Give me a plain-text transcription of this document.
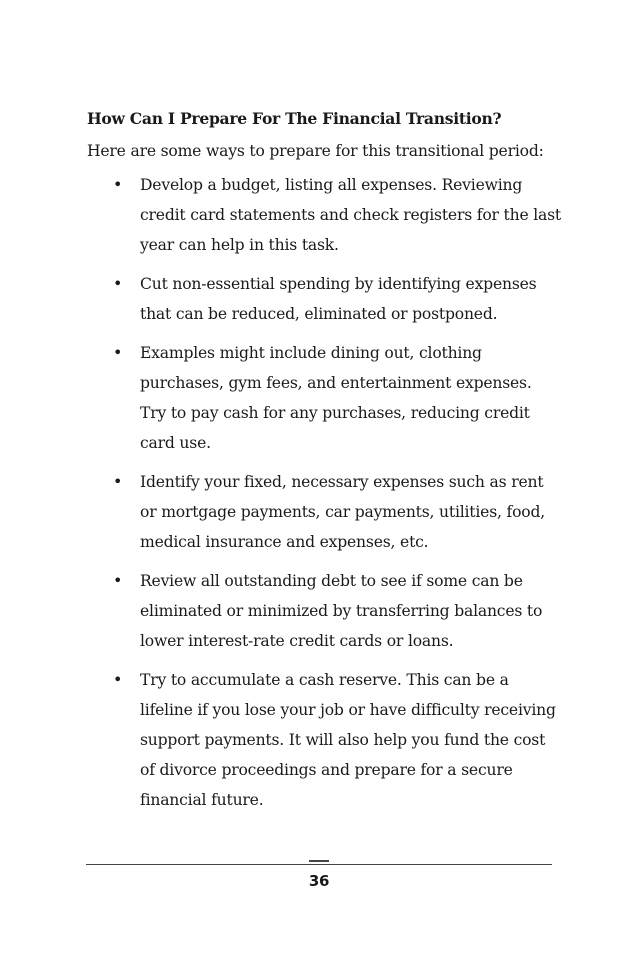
How Can I Prepare For The Financial Transition?
Here are some ways to prepare for this transitional period:
• Develop a budget, listing all expenses. Reviewing
credit card statements and check registers for the last
year can help in this task.
• Cut non-essential spending by identifying expenses
that can be reduced, eliminated or postponed.
• Examples might include dining out, clothing
purchases, gym fees, and entertainment expenses.
Try to pay cash for any purchases, reducing credit
card use.
• Identify your fixed, necessary expenses such as rent
or mortgage payments, car payments, utilities, food,
medical insurance and expenses, etc.
• Review all outstanding debt to see if some can be
eliminated or minimized by transferring balances to
lower interest-rate credit cards or loans.
• Try to accumulate a cash reserve. This can be a
lifeline if you lose your job or have difficulty receiving
support payments. It will also help you fund the cost
of divorce proceedings and prepare for a secure
financial future.
36
